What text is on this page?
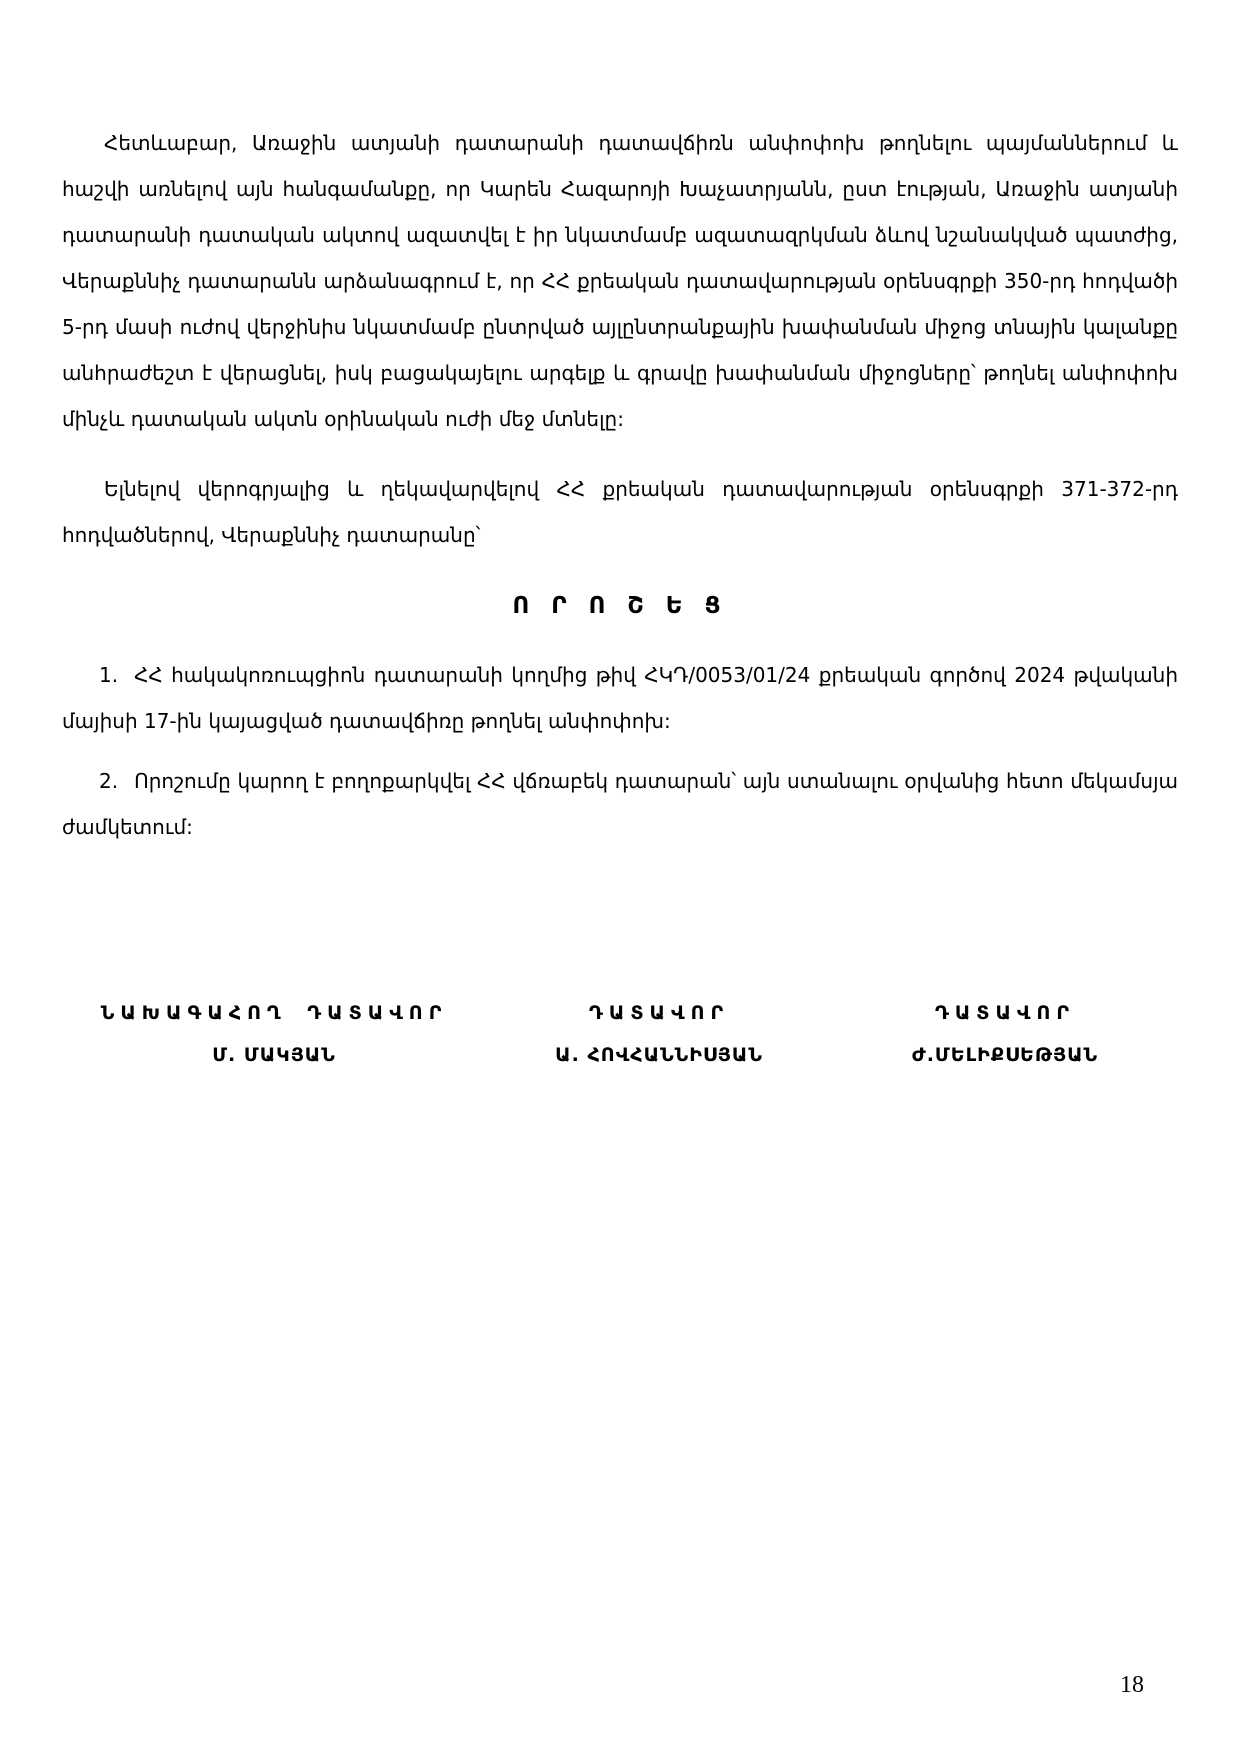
Հետևաբար, Առաջին ատյանի դատարանի դատավճիռն անփոփոխ թողնելու պայմաններում և հաշվի առնելով այն հանգամանքը, որ Կարեն Հազարոյի Խաչատրյանն, ըստ էության, Առաջին ատյանի դատարանի դատական ակտով ազատվել է իր նկատմամբ ազատազրկման ձևով նշանակված պատժից, Վերաքննիչ դատարանն արձանագրում է, որ ՀՀ քրեական դատավարության օրենսգրքի 350-րդ հոդվածի 5-րդ մասի ուժով վերջինիս նկատմամբ ընտրված այլընտրանքային խափանման միջոց տնային կալանքը անհրաժեշտ է վերացնել, իսկ բացակայելու արգելք և գրավը խափանման միջոցները՝ թողնել անփոփոխ մինչև դատական ակտն օրինական ուժի մեջ մտնելը:

Ելնելով վերոգրյալից և ղեկավարվելով ՀՀ քրեական դատավարության օրենսգրքի 371-372-րդ հոդվածներով, Վերաքննիչ դատարանը՝

Ո Ր Ո Շ Ե Ց

1. ՀՀ հակակոռուպցիոն դատարանի կողմից թիվ ՀԿԴ/0053/01/24 քրեական գործով 2024 թվականի մայիսի 17-ին կայացված դատավճիռը թողնել անփոփոխ:

2. Որոշումը կարող է բողոքարկվել ՀՀ վճռաբեկ դատարան՝ այն ստանալու օրվանից հետո մեկամսյա ժամկետում:

ՆԱԽԱԳԱՀՈՂ ԴԱՏԱՎՈՐ
Մ. ՄԱԿՅԱՆ
ԴԱՏԱՎՈՐ
Ա. ՀՈՎՀԱՆՆԻՍՅԱՆ
ԴԱՏԱՎՈՐ
Ժ.ՄԵԼԻՔՍԵԹՅԱՆ
18
